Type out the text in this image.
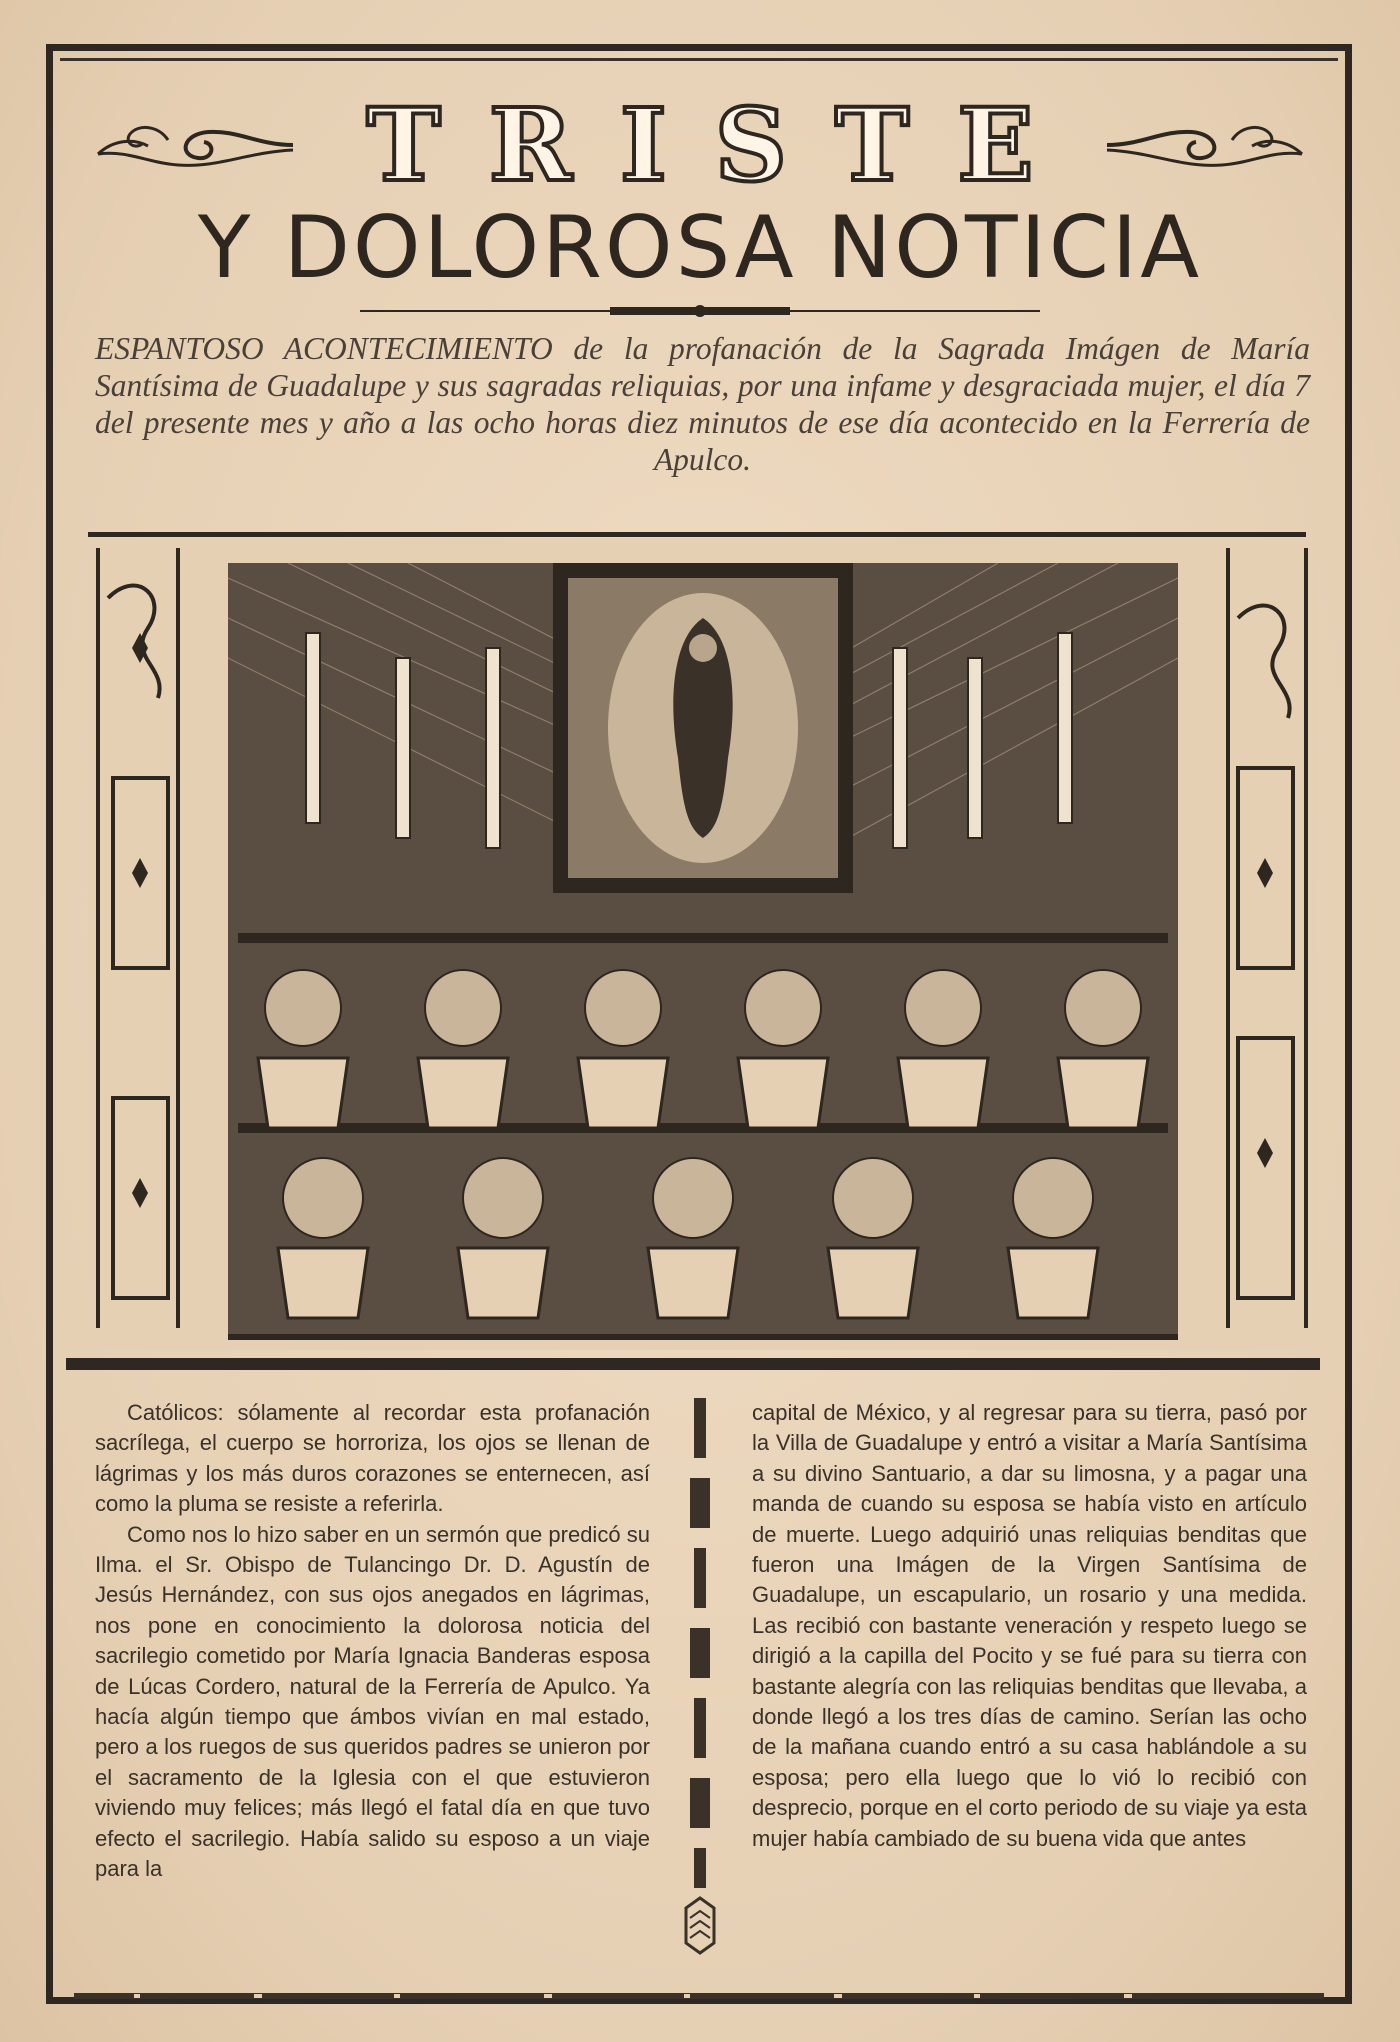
TRISTE
Y DOLOROSA NOTICIA
ESPANTOSO ACONTECIMIENTO de la profanación de la Sagrada Imágen de María Santísima de Guadalupe y sus sagradas reliquias, por una infame y desgraciada mujer, el día 7 del presente mes y año a las ocho horas diez minutos de ese día acontecido en la Ferrería de Apulco.

Católicos: sólamente al recordar esta profanación sacrílega, el cuerpo se horroriza, los ojos se llenan de lágrimas y los más duros corazones se enternecen, así como la pluma se resiste a referirla.

Como nos lo hizo saber en un sermón que predicó su Ilma. el Sr. Obispo de Tulancingo Dr. D. Agustín de Jesús Hernández, con sus ojos anegados en lágrimas, nos pone en conocimiento la dolorosa noticia del sacrilegio cometido por María Ignacia Banderas esposa de Lúcas Cordero, natural de la Ferrería de Apulco. Ya hacía algún tiempo que ámbos vivían en mal estado, pero a los ruegos de sus queridos padres se unieron por el sacramento de la Iglesia con el que estuvieron viviendo muy felices; más llegó el fatal día en que tuvo efecto el sacrilegio. Había salido su esposo a un viaje para la

capital de México, y al regresar para su tierra, pasó por la Villa de Guadalupe y entró a visitar a María Santísima a su divino Santuario, a dar su limosna, y a pagar una manda de cuando su esposa se había visto en artículo de muerte. Luego adquirió unas reliquias benditas que fueron una Imágen de la Virgen Santísima de Guadalupe, un escapulario, un rosario y una medida. Las recibió con bastante veneración y respeto luego se dirigió a la capilla del Pocito y se fué para su tierra con bastante alegría con las reliquias benditas que llevaba, a donde llegó a los tres días de camino. Serían las ocho de la mañana cuando entró a su casa hablándole a su esposa; pero ella luego que lo vió lo recibió con desprecio, porque en el corto periodo de su viaje ya esta mujer había cambiado de su buena vida que antes
